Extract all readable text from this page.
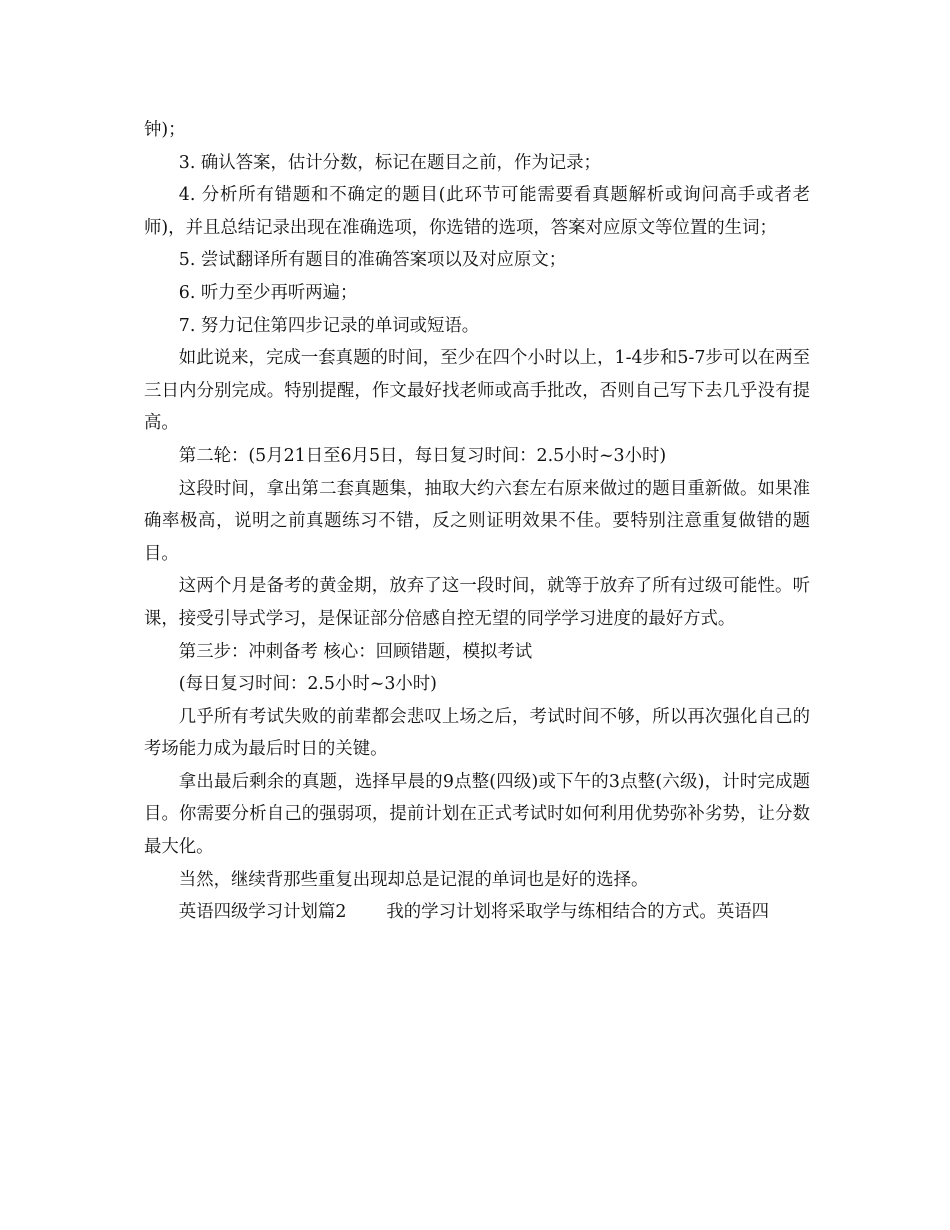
钟)；

3. 确认答案，估计分数，标记在题目之前，作为记录；

4. 分析所有错题和不确定的题目(此环节可能需要看真题解析或询问高手或者老师)，并且总结记录出现在准确选项，你选错的选项，答案对应原文等位置的生词；

5. 尝试翻译所有题目的准确答案项以及对应原文；

6. 听力至少再听两遍；

7. 努力记住第四步记录的单词或短语。

如此说来，完成一套真题的时间，至少在四个小时以上，1-4步和5-7步可以在两至三日内分别完成。特别提醒，作文最好找老师或高手批改，否则自己写下去几乎没有提高。

第二轮：(5月21日至6月5日，每日复习时间：2.5小时~3小时)

这段时间，拿出第二套真题集，抽取大约六套左右原来做过的题目重新做。如果准确率极高，说明之前真题练习不错，反之则证明效果不佳。要特别注意重复做错的题目。

这两个月是备考的黄金期，放弃了这一段时间，就等于放弃了所有过级可能性。听课，接受引导式学习，是保证部分倍感自控无望的同学学习进度的最好方式。

第三步：冲刺备考 核心：回顾错题，模拟考试

(每日复习时间：2.5小时~3小时)

几乎所有考试失败的前辈都会悲叹上场之后，考试时间不够，所以再次强化自己的考场能力成为最后时日的关键。

拿出最后剩余的真题，选择早晨的9点整(四级)或下午的3点整(六级)，计时完成题目。你需要分析自己的强弱项，提前计划在正式考试时如何利用优势弥补劣势，让分数最大化。

当然，继续背那些重复出现却总是记混的单词也是好的选择。

英语四级学习计划篇2 我的学习计划将采取学与练相结合的方式。英语四
